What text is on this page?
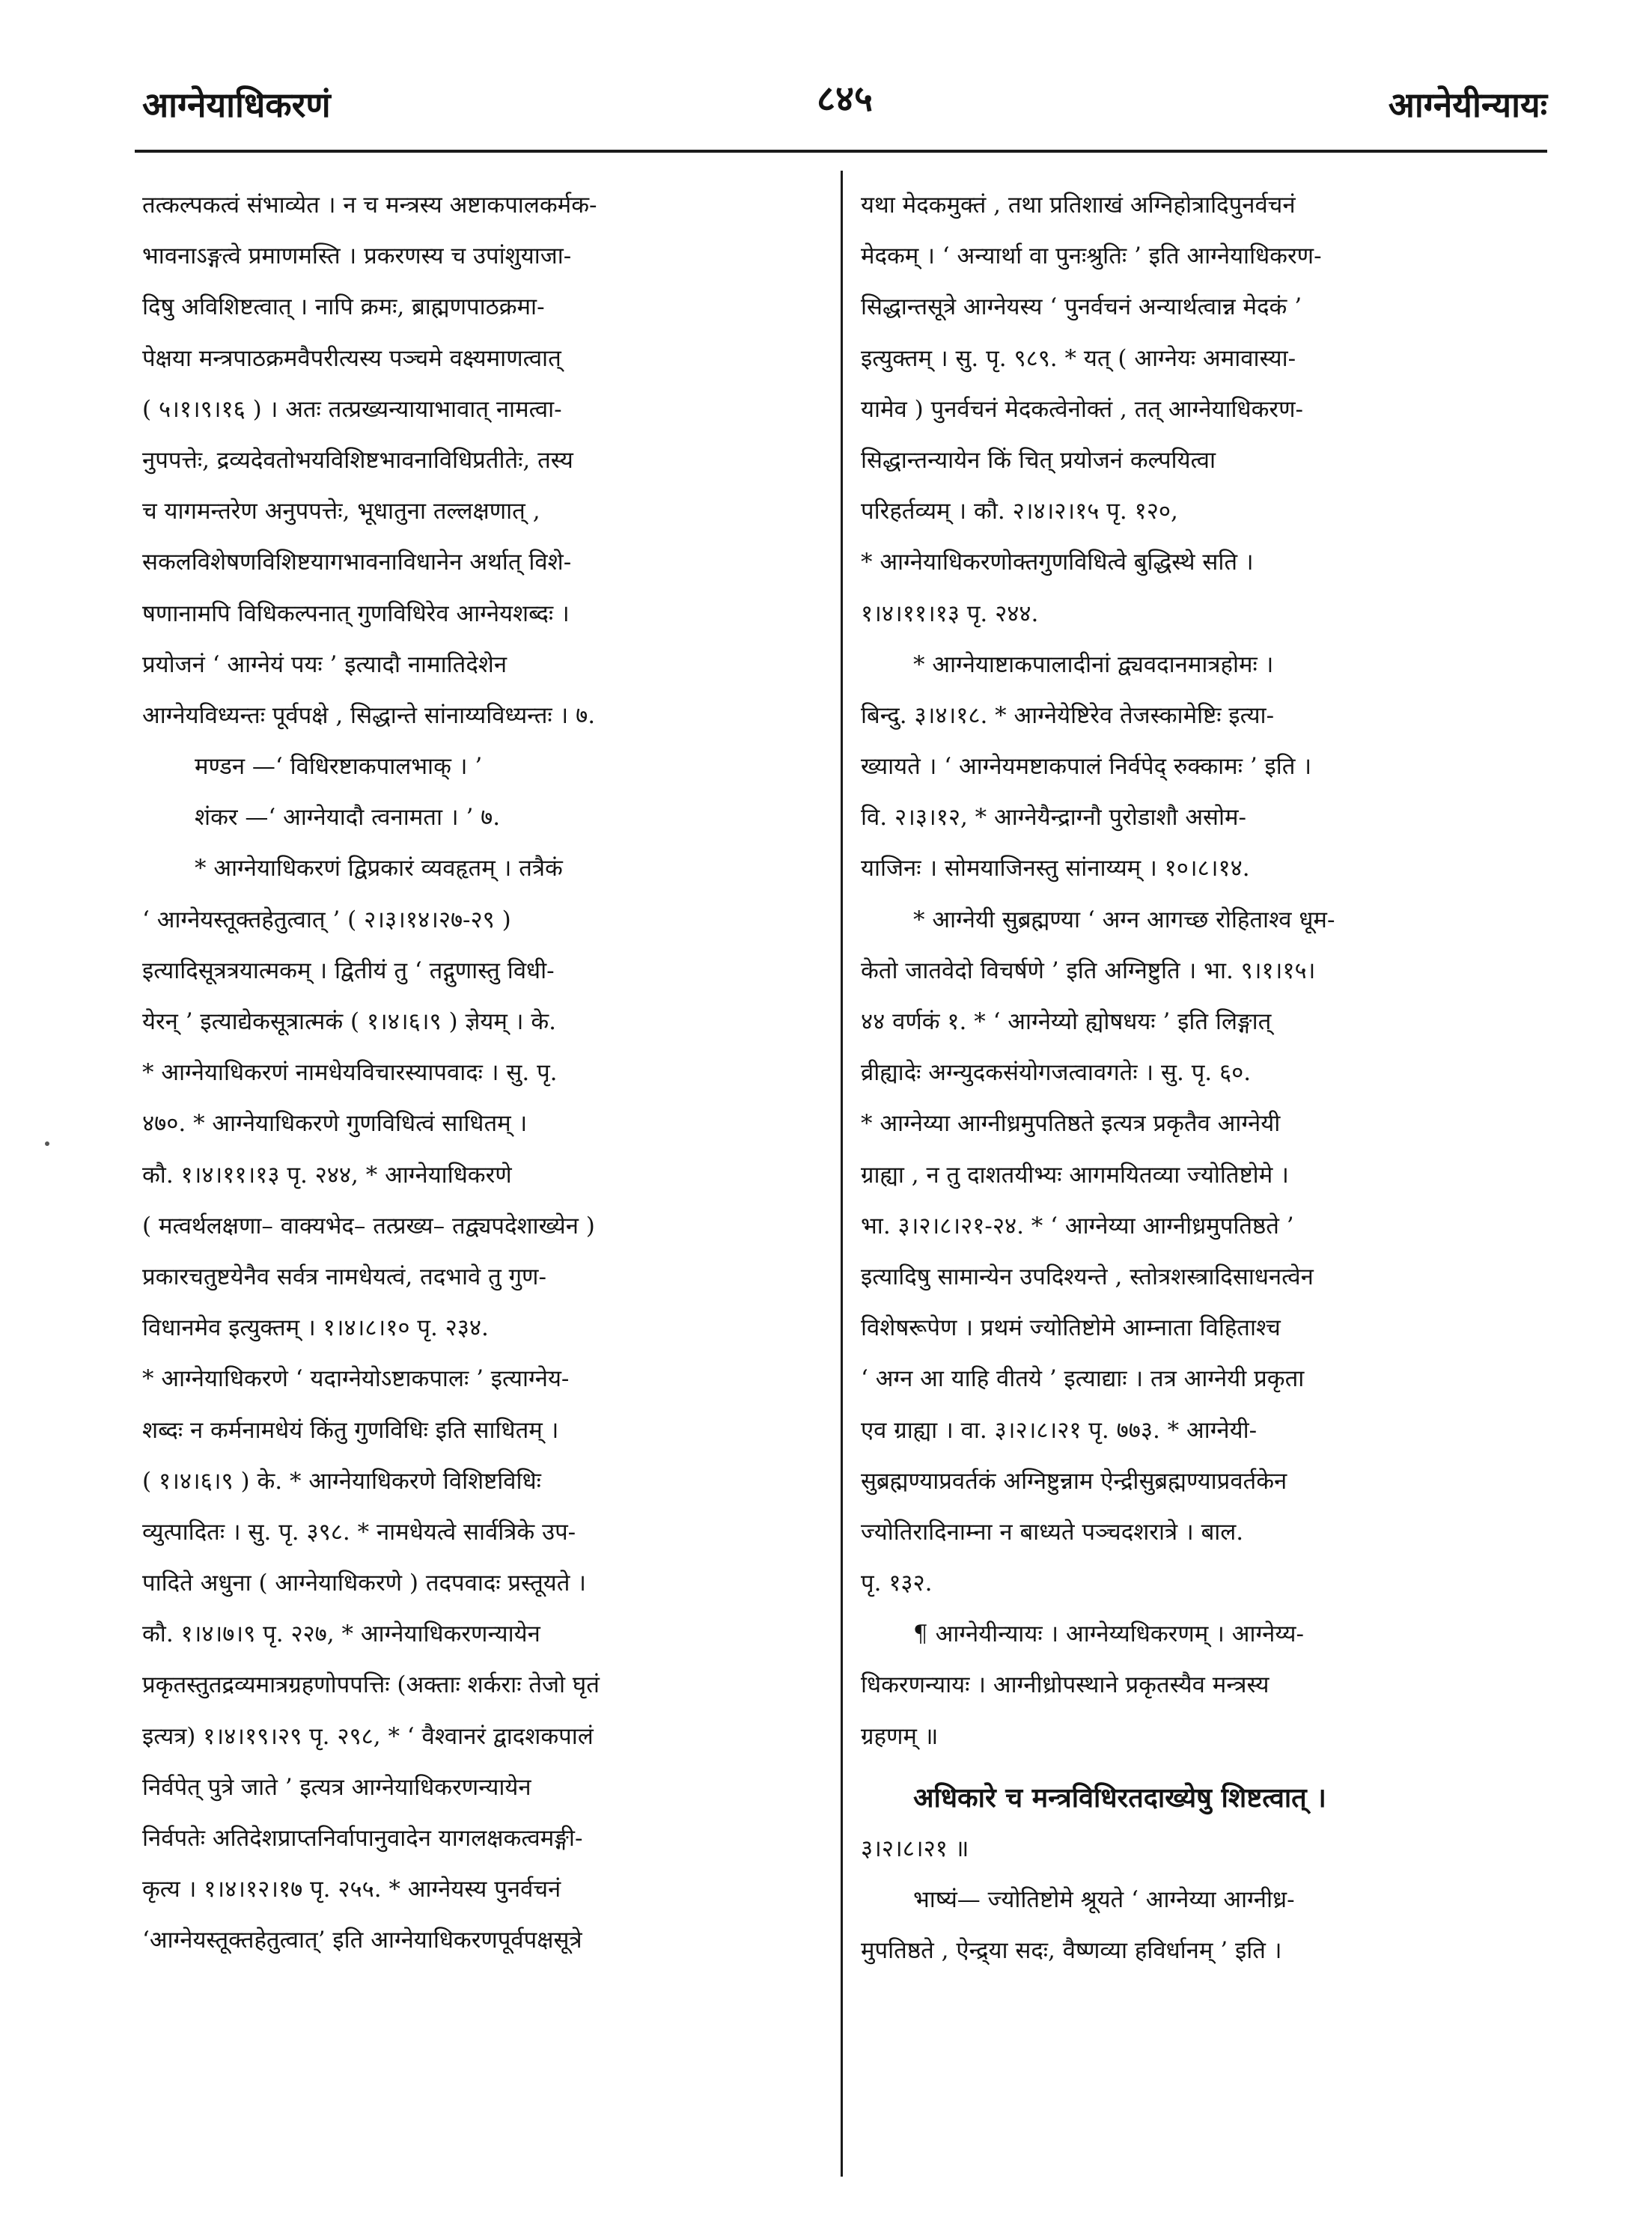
आग्नेयाधिकरणं	८४५	आग्नेयीन्यायः
तत्कल्पकत्वं संभाव्येत । न च मन्त्रस्य अष्टाकपालकर्मक-
भावनाऽङ्गत्वे प्रमाणमस्ति । प्रकरणस्य च उपांशुयाजा-
दिषु अविशिष्टत्वात् । नापि क्रमः, ब्राह्मणपाठक्रमा-
पेक्षया मन्त्रपाठक्रमवैपरीत्यस्य पञ्चमे वक्ष्यमाणत्वात्
( ५।१।९।१६ ) । अतः तत्प्रख्यन्यायाभावात् नामत्वा-
नुपपत्तेः, द्रव्यदेवतोभयविशिष्टभावनाविधिप्रतीतेः, तस्य
च यागमन्तरेण अनुपपत्तेः, भूधातुना तल्लक्षणात् ,
सकलविशेषणविशिष्टयागभावनाविधानेन अर्थात् विशे-
षणानामपि विधिकल्पनात् गुणविधिरेव आग्नेयशब्दः ।
प्रयोजनं ‘ आग्नेयं पयः ’ इत्यादौ नामातिदेशेन
आग्नेयविध्यन्तः पूर्वपक्षे , सिद्धान्ते सांनाय्यविध्यन्तः । ७.
मण्डन —‘ विधिरष्टाकपालभाक् । ’
शंकर —‘ आग्नेयादौ त्वनामता । ’ ७.
* आग्नेयाधिकरणं द्विप्रकारं व्यवहृतम् । तत्रैकं
‘ आग्नेयस्तूक्तहेतुत्वात् ’ ( २।३।१४।२७-२९ )
इत्यादिसूत्रत्रयात्मकम् । द्वितीयं तु ‘ तद्गुणास्तु विधी-
येरन् ’ इत्याद्येकसूत्रात्मकं ( १।४।६।९ ) ज्ञेयम् । के.
* आग्नेयाधिकरणं नामधेयविचारस्यापवादः । सु. पृ.
४७०. * आग्नेयाधिकरणे गुणविधित्वं साधितम् ।
कौ. १।४।११।१३ पृ. २४४, * आग्नेयाधिकरणे
( मत्वर्थलक्षणा– वाक्यभेद– तत्प्रख्य– तद्व्यपदेशाख्येन )
प्रकारचतुष्टयेनैव सर्वत्र नामधेयत्वं, तदभावे तु गुण-
विधानमेव इत्युक्तम् । १।४।८।१० पृ. २३४.
* आग्नेयाधिकरणे ‘ यदाग्नेयोऽष्टाकपालः ’ इत्याग्नेय-
शब्दः न कर्मनामधेयं किंतु गुणविधिः इति साधितम् ।
( १।४।६।९ ) के. * आग्नेयाधिकरणे विशिष्टविधिः
व्युत्पादितः । सु. पृ. ३९८. * नामधेयत्वे सार्वत्रिके उप-
पादिते अधुना ( आग्नेयाधिकरणे ) तदपवादः प्रस्तूयते ।
कौ. १।४।७।९ पृ. २२७, * आग्नेयाधिकरणन्यायेन
प्रकृतस्तुतद्रव्यमात्रग्रहणोपपत्तिः (अक्ताः शर्कराः तेजो घृतं
इत्यत्र) १।४।१९।२९ पृ. २९८, * ‘ वैश्वानरं द्वादशकपालं
निर्वपेत् पुत्रे जाते ’ इत्यत्र आग्नेयाधिकरणन्यायेन
निर्वपतेः अतिदेशप्राप्तनिर्वापानुवादेन यागलक्षकत्वमङ्गी-
कृत्य । १।४।१२।१७ पृ. २५५. * आग्नेयस्य पुनर्वचनं
‘आग्नेयस्तूक्तहेतुत्वात्’ इति आग्नेयाधिकरणपूर्वपक्षसूत्रे
यथा मेदकमुक्तं , तथा प्रतिशाखं अग्निहोत्रादिपुनर्वचनं
मेदकम् । ‘ अन्यार्था वा पुनःश्रुतिः ’ इति आग्नेयाधिकरण-
सिद्धान्तसूत्रे आग्नेयस्य ‘ पुनर्वचनं अन्यार्थत्वान्न मेदकं ’
इत्युक्तम् । सु. पृ. ९८९. * यत् ( आग्नेयः अमावास्या-
यामेव ) पुनर्वचनं मेदकत्वेनोक्तं , तत् आग्नेयाधिकरण-
सिद्धान्तन्यायेन किं चित् प्रयोजनं कल्पयित्वा
परिहर्तव्यम् । कौ. २।४।२।१५ पृ. १२०,
* आग्नेयाधिकरणोक्तगुणविधित्वे बुद्धिस्थे सति ।
१।४।११।१३ पृ. २४४.
* आग्नेयाष्टाकपालादीनां द्व्यवदानमात्रहोमः ।
बिन्दु. ३।४।१८. * आग्नेयेष्टिरेव तेजस्कामेष्टिः इत्या-
ख्यायते । ‘ आग्नेयमष्टाकपालं निर्वपेद् रुक्कामः ’ इति ।
वि. २।३।१२, * आग्नेयैन्द्राग्नौ पुरोडाशौ असोम-
याजिनः । सोमयाजिनस्तु सांनाय्यम् । १०।८।१४.
* आग्नेयी सुब्रह्मण्या ‘ अग्न आगच्छ रोहिताश्व धूम-
केतो जातवेदो विचर्षणे ’ इति अग्निष्टुति । भा. ९।१।१५।
४४ वर्णकं १. * ‘ आग्नेय्यो ह्योषधयः ’ इति लिङ्गात्
व्रीह्यादेः अग्न्युदकसंयोगजत्वावगतेः । सु. पृ. ६०.
* आग्नेय्या आग्नीध्रमुपतिष्ठते इत्यत्र प्रकृतैव आग्नेयी
ग्राह्या , न तु दाशतयीभ्यः आगमयितव्या ज्योतिष्टोमे ।
भा. ३।२।८।२१-२४. * ‘ आग्नेय्या आग्नीध्रमुपतिष्ठते ’
इत्यादिषु सामान्येन उपदिश्यन्ते , स्तोत्रशस्त्रादिसाधनत्वेन
विशेषरूपेण । प्रथमं ज्योतिष्टोमे आम्नाता विहिताश्च
‘ अग्न आ याहि वीतये ’ इत्याद्याः । तत्र आग्नेयी प्रकृता
एव ग्राह्या । वा. ३।२।८।२१ पृ. ७७३. * आग्नेयी-
सुब्रह्मण्याप्रवर्तकं अग्निष्टुन्नाम ऐन्द्रीसुब्रह्मण्याप्रवर्तकेन
ज्योतिरादिनाम्ना न बाध्यते पञ्चदशरात्रे । बाल.
पृ. १३२.
¶ आग्नेयीन्यायः । आग्नेय्यधिकरणम् । आग्नेय्य-
धिकरणन्यायः । आग्नीध्रोपस्थाने प्रकृतस्यैव मन्त्रस्य
ग्रहणम् ॥
अधिकारे च मन्त्रविधिरतदाख्येषु शिष्टत्वात् ।
३।२।८।२१ ॥
भाष्यं— ज्योतिष्टोमे श्रूयते ‘ आग्नेय्या आग्नीध्र-
मुपतिष्ठते , ऐन्द्र्या सदः, वैष्णव्या हविर्धानम् ’ इति ।
